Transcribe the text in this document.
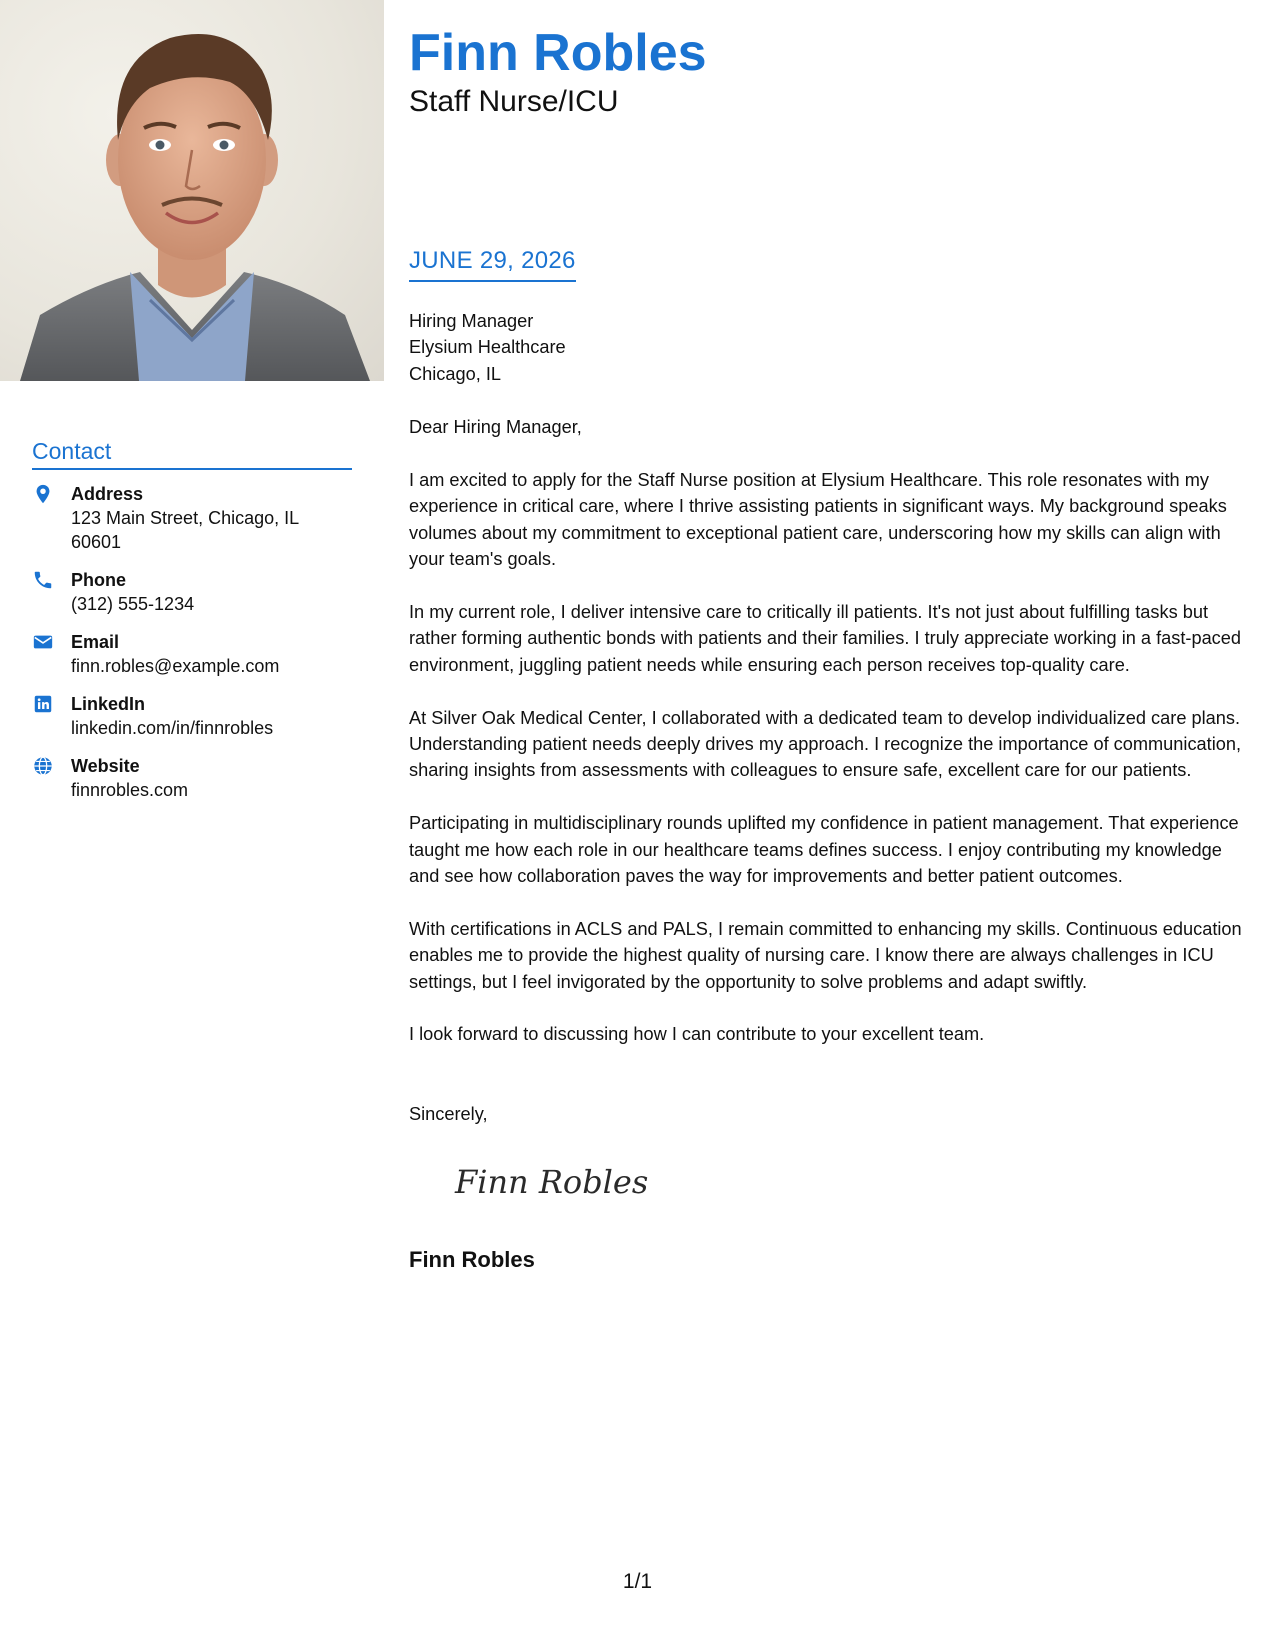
Contact
Address
123 Main Street, Chicago, IL 60601
Phone
(312) 555-1234
Email
finn.robles@example.com
LinkedIn
linkedin.com/in/finnrobles
Website
finnrobles.com
Finn Robles
Staff Nurse/ICU
JUNE 29, 2026

Hiring Manager

Elysium Healthcare

Chicago, IL

Dear Hiring Manager,

I am excited to apply for the Staff Nurse position at Elysium Healthcare. This role resonates with my experience in critical care, where I thrive assisting patients in significant ways. My background speaks volumes about my commitment to exceptional patient care, underscoring how my skills can align with your team's goals.

In my current role, I deliver intensive care to critically ill patients. It's not just about fulfilling tasks but rather forming authentic bonds with patients and their families. I truly appreciate working in a fast-paced environment, juggling patient needs while ensuring each person receives top-quality care.

At Silver Oak Medical Center, I collaborated with a dedicated team to develop individualized care plans. Understanding patient needs deeply drives my approach. I recognize the importance of communication, sharing insights from assessments with colleagues to ensure safe, excellent care for our patients.

Participating in multidisciplinary rounds uplifted my confidence in patient management. That experience taught me how each role in our healthcare teams defines success. I enjoy contributing my knowledge and see how collaboration paves the way for improvements and better patient outcomes.

With certifications in ACLS and PALS, I remain committed to enhancing my skills. Continuous education enables me to provide the highest quality of nursing care. I know there are always challenges in ICU settings, but I feel invigorated by the opportunity to solve problems and adapt swiftly.

I look forward to discussing how I can contribute to your excellent team.

Sincerely,
Finn Robles
Finn Robles
1/1
